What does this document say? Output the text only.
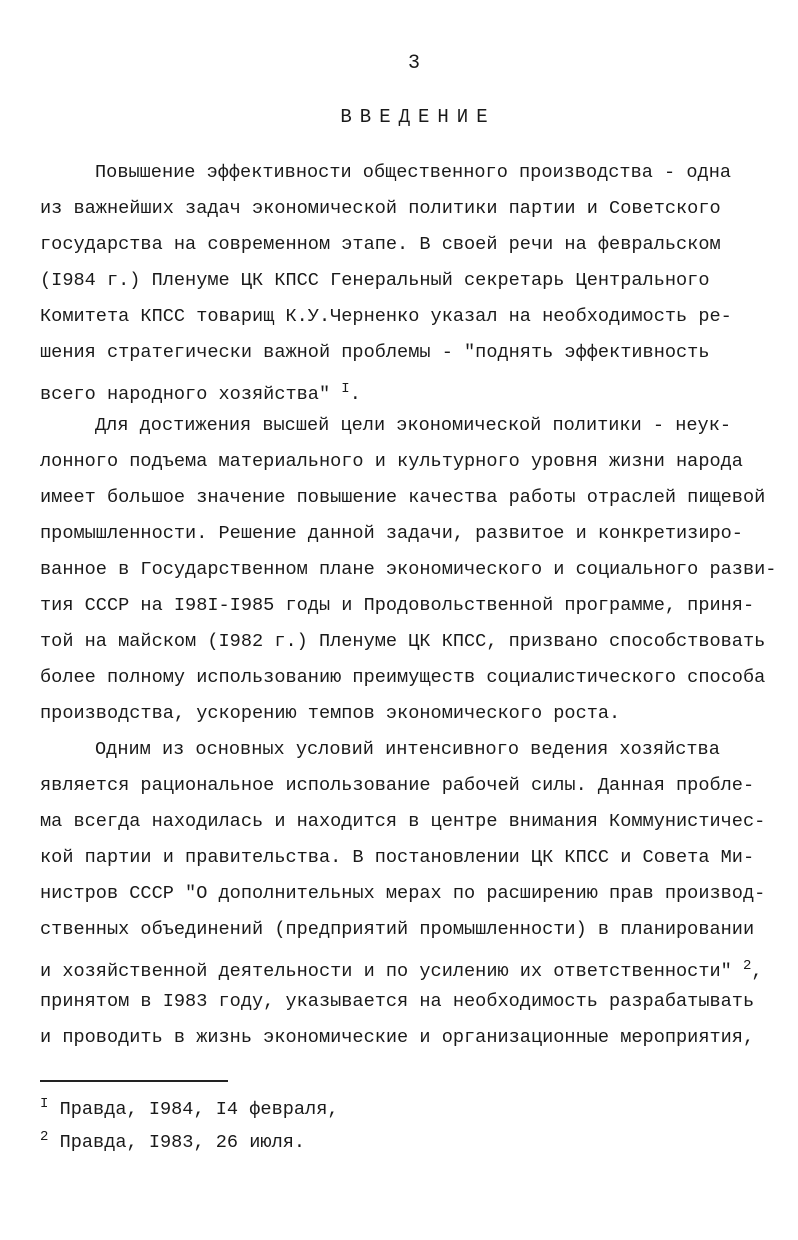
3
ВВЕДЕНИЕ
Повышение эффективности общественного производства - одна
из важнейших задач экономической политики партии и Советского
государства на современном этапе. В своей речи на февральском
(I984 г.) Пленуме ЦК КПСС Генеральный секретарь Центрального
Комитета КПСС товарищ К.У.Черненко указал на необходимость ре-
шения стратегически важной проблемы - "поднять эффективность
всего народного хозяйства" $^I$.
Для достижения высшей цели экономической политики - неук-
лонного подъема материального и культурного уровня жизни народа
имеет большое значение повышение качества работы отраслей пищевой
промышленности. Решение данной задачи, развитое и конкретизиро-
ванное в Государственном плане экономического и социального разви-
тия СССР на I98I-I985 годы и Продовольственной программе, приня-
той на майском (I982 г.) Пленуме ЦК КПСС, призвано способствовать
более полному использованию преимуществ социалистического способа
производства, ускорению темпов экономического роста.
Одним из основных условий интенсивного ведения хозяйства
является рациональное использование рабочей силы. Данная пробле-
ма всегда находилась и находится в центре внимания Коммунистичес-
кой партии и правительства. В постановлении ЦК КПСС и Совета Ми-
нистров СССР "О дополнительных мерах по расширению прав производ-
ственных объединений (предприятий промышленности) в планировании
и хозяйственной деятельности и по усилению их ответственности" $^2$,
принятом в I983 году, указывается на необходимость разрабатывать
и проводить в жизнь экономические и организационные мероприятия,
$^I$ Правда, I984, I4 февраля,
$^2$ Правда, I983, 26 июля.
